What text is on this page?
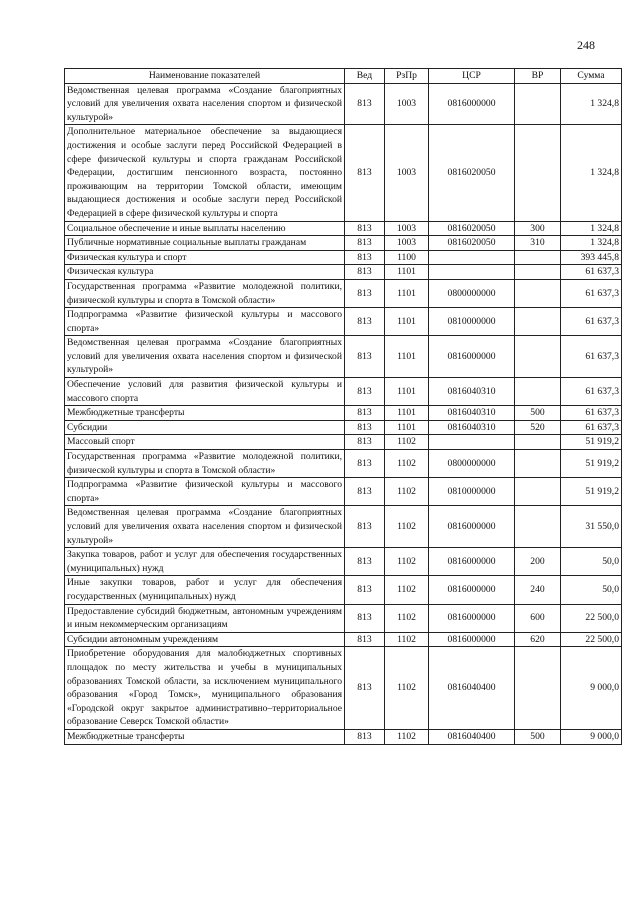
248
Наименование показателей	Вед	РзПр	ЦСР	ВР	Сумма
Ведомственная целевая программа «Создание благоприятных условий для увеличения охвата населения спортом и физической культурой»	813	1003	0816000000		1 324,8
Дополнительное материальное обеспечение за выдающиеся достижения и особые заслуги перед Российской Федерацией в сфере физической культуры и спорта гражданам Российской Федерации, достигшим пенсионного возраста, постоянно проживающим на территории Томской области, имеющим выдающиеся достижения и особые заслуги перед Российской Федерацией в сфере физической культуры и спорта	813	1003	0816020050		1 324,8
Социальное обеспечение и иные выплаты населению	813	1003	0816020050	300	1 324,8
Публичные нормативные социальные выплаты гражданам	813	1003	0816020050	310	1 324,8
Физическая культура и спорт	813	1100			393 445,8
Физическая культура	813	1101			61 637,3
Государственная программа «Развитие молодежной политики, физической культуры и спорта в Томской области»	813	1101	0800000000		61 637,3
Подпрограмма «Развитие физической культуры и массового спорта»	813	1101	0810000000		61 637,3
Ведомственная целевая программа «Создание благоприятных условий для увеличения охвата населения спортом и физической культурой»	813	1101	0816000000		61 637,3
Обеспечение условий для развития физической культуры и массового спорта	813	1101	0816040310		61 637,3
Межбюджетные трансферты	813	1101	0816040310	500	61 637,3
Субсидии	813	1101	0816040310	520	61 637,3
Массовый спорт	813	1102			51 919,2
Государственная программа «Развитие молодежной политики, физической культуры и спорта в Томской области»	813	1102	0800000000		51 919,2
Подпрограмма «Развитие физической культуры и массового спорта»	813	1102	0810000000		51 919,2
Ведомственная целевая программа «Создание благоприятных условий для увеличения охвата населения спортом и физической культурой»	813	1102	0816000000		31 550,0
Закупка товаров, работ и услуг для обеспечения государственных (муниципальных) нужд	813	1102	0816000000	200	50,0
Иные закупки товаров, работ и услуг для обеспечения государственных (муниципальных) нужд	813	1102	0816000000	240	50,0
Предоставление субсидий бюджетным, автономным учреждениям и иным некоммерческим организациям	813	1102	0816000000	600	22 500,0
Субсидии автономным учреждениям	813	1102	0816000000	620	22 500,0
Приобретение оборудования для малобюджетных спортивных площадок по месту жительства и учебы в муниципальных образованиях Томской области, за исключением муниципального образования «Город Томск», муниципального образования «Городской округ закрытое административно–территориальное образование Северск Томской области»	813	1102	0816040400		9 000,0
Межбюджетные трансферты	813	1102	0816040400	500	9 000,0
